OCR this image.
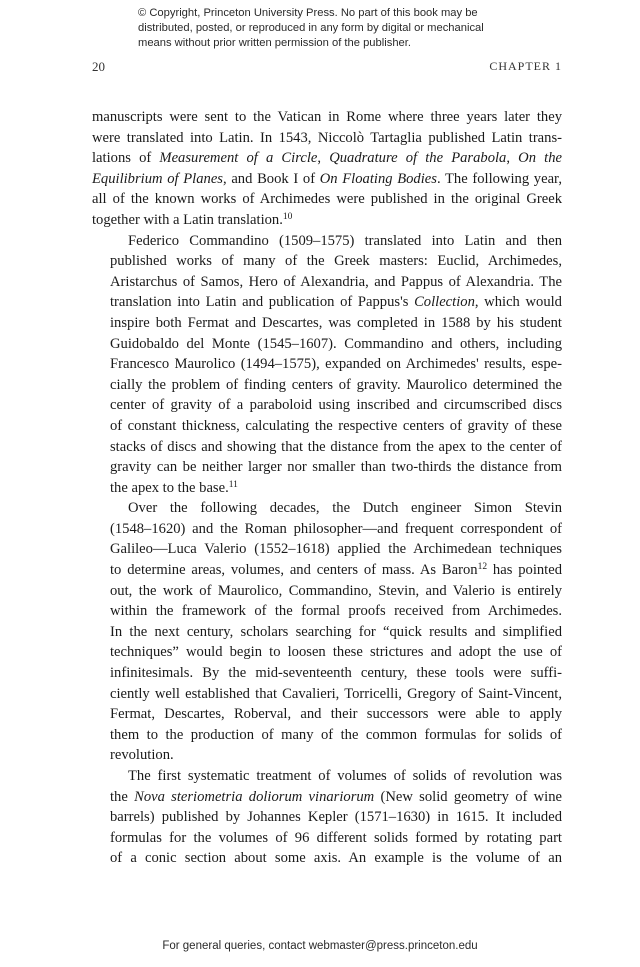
© Copyright, Princeton University Press. No part of this book may be
distributed, posted, or reproduced in any form by digital or mechanical
means without prior written permission of the publisher.
20	CHAPTER 1

manuscripts were sent to the Vatican in Rome where three years later they
were translated into Latin. In 1543, Niccolò Tartaglia published Latin trans-
lations of Measurement of a Circle, Quadrature of the Parabola, On the
Equilibrium of Planes, and Book I of On Floating Bodies. The following year,
all of the known works of Archimedes were published in the original Greek
together with a Latin translation.$^{10}$

Federico Commandino (1509–1575) translated into Latin and then
published works of many of the Greek masters: Euclid, Archimedes,
Aristarchus of Samos, Hero of Alexandria, and Pappus of Alexandria. The
translation into Latin and publication of Pappus's Collection, which would
inspire both Fermat and Descartes, was completed in 1588 by his student
Guidobaldo del Monte (1545–1607). Commandino and others, including
Francesco Maurolico (1494–1575), expanded on Archimedes' results, espe-
cially the problem of finding centers of gravity. Maurolico determined the
center of gravity of a paraboloid using inscribed and circumscribed discs
of constant thickness, calculating the respective centers of gravity of these
stacks of discs and showing that the distance from the apex to the center of
gravity can be neither larger nor smaller than two-thirds the distance from
the apex to the base.$^{11}$

Over the following decades, the Dutch engineer Simon Stevin
(1548–1620) and the Roman philosopher—and frequent correspondent of
Galileo—Luca Valerio (1552–1618) applied the Archimedean techniques
to determine areas, volumes, and centers of mass. As Baron$^{12}$ has pointed
out, the work of Maurolico, Commandino, Stevin, and Valerio is entirely
within the framework of the formal proofs received from Archimedes.
In the next century, scholars searching for “quick results and simplified
techniques” would begin to loosen these strictures and adopt the use of
infinitesimals. By the mid-seventeenth century, these tools were suffi-
ciently well established that Cavalieri, Torricelli, Gregory of Saint-Vincent,
Fermat, Descartes, Roberval, and their successors were able to apply
them to the production of many of the common formulas for solids of
revolution.

The first systematic treatment of volumes of solids of revolution was
the Nova steriometria doliorum vinariorum (New solid geometry of wine
barrels) published by Johannes Kepler (1571–1630) in 1615. It included
formulas for the volumes of 96 different solids formed by rotating part
of a conic section about some axis. An example is the volume of an

For general queries, contact webmaster@press.princeton.edu
